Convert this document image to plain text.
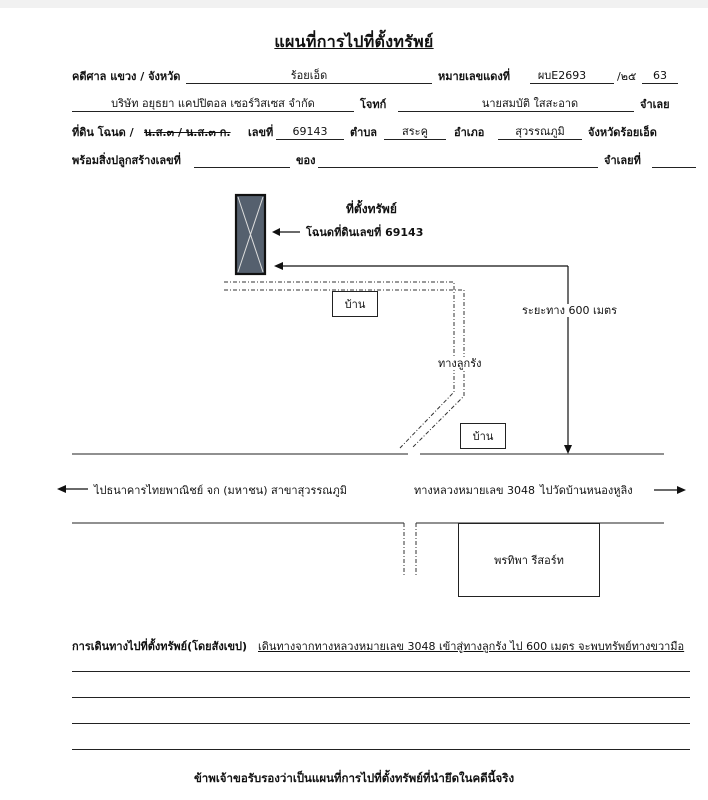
แผนที่การไปที่ตั้งทรัพย์
คดีศาล แขวง / จังหวัด	ร้อยเอ็ด	หมายเลขแดงที่	ผบE2693	/๒๕	63
บริษัท อยุธยา แคปปิตอล เซอร์วิสเซส จำกัด	โจทก์	นายสมบัติ ใสสะอาด	จำเลย
ที่ดิน โฉนด / น.ส.๓ / น.ส.๓ ก. เลขที่	69143	ตำบล	สระคู	อำเภอ	สุวรรณภูมิ	จังหวัดร้อยเอ็ด
พร้อมสิ่งปลูกสร้างเลขที่	ของ	จำเลยที่
ที่ตั้งทรัพย์
โฉนดที่ดินเลขที่ 69143
ระยะทาง 600 เมตร
ทางลูกรัง
บ้าน
บ้าน
ไปธนาคารไทยพาณิชย์ จก (มหาชน) สาขาสุวรรณภูมิ	ทางหลวงหมายเลข 3048 ไปวัดบ้านหนองหูลิง
พรทิพา รีสอร์ท
การเดินทางไปที่ตั้งทรัพย์(โดยสังเขป) เดินทางจากทางหลวงหมายเลข 3048 เข้าสู่ทางลูกรัง ไป 600 เมตร จะพบทรัพย์ทางขวามือ
ข้าพเจ้าขอรับรองว่าเป็นแผนที่การไปที่ตั้งทรัพย์ที่นำยึดในคดีนี้จริง
